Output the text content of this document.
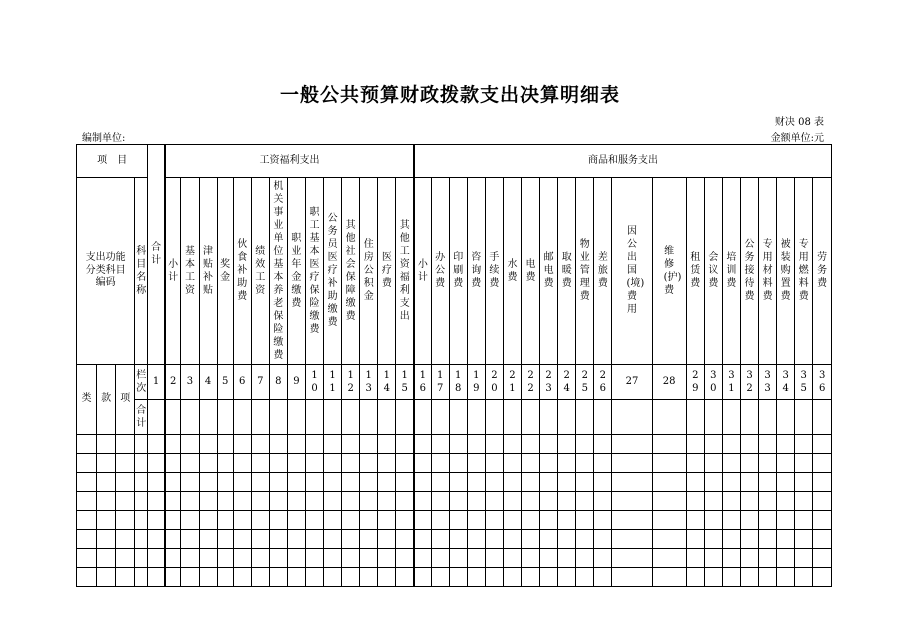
一般公共预算财政拨款支出决算明细表
财决 08 表
编制单位:	金额单位:元
项　目				合计	工资福利支出														商品和服务支出																				
支出功能分类科目编码			科目名称		小计	基本工资	津贴补贴	奖金	伙食补助费	绩效工资	机关事业单位基本养老保险缴费	职业年金缴费	职工基本医疗保险缴费	公务员医疗补助缴费	其他社会保障缴费	住房公积金	医疗费	其他工资福利支出	小计	办公费	印刷费	咨询费	手续费	水费	电费	邮电费	取暖费	物业管理费	差旅费	因公出国(境)费用	维修(护)费	租赁费	会议费	培训费	公务接待费	专用材料费	被装购置费	专用燃料费	劳务费
类	款	项	栏次	1	2	3	4	5	6	7	8	9	10	11	12	13	14	15	16	17	18	19	20	21	22	23	24	25	26	27	28	29	30	31	32	33	34	35	36
			合计																																				
